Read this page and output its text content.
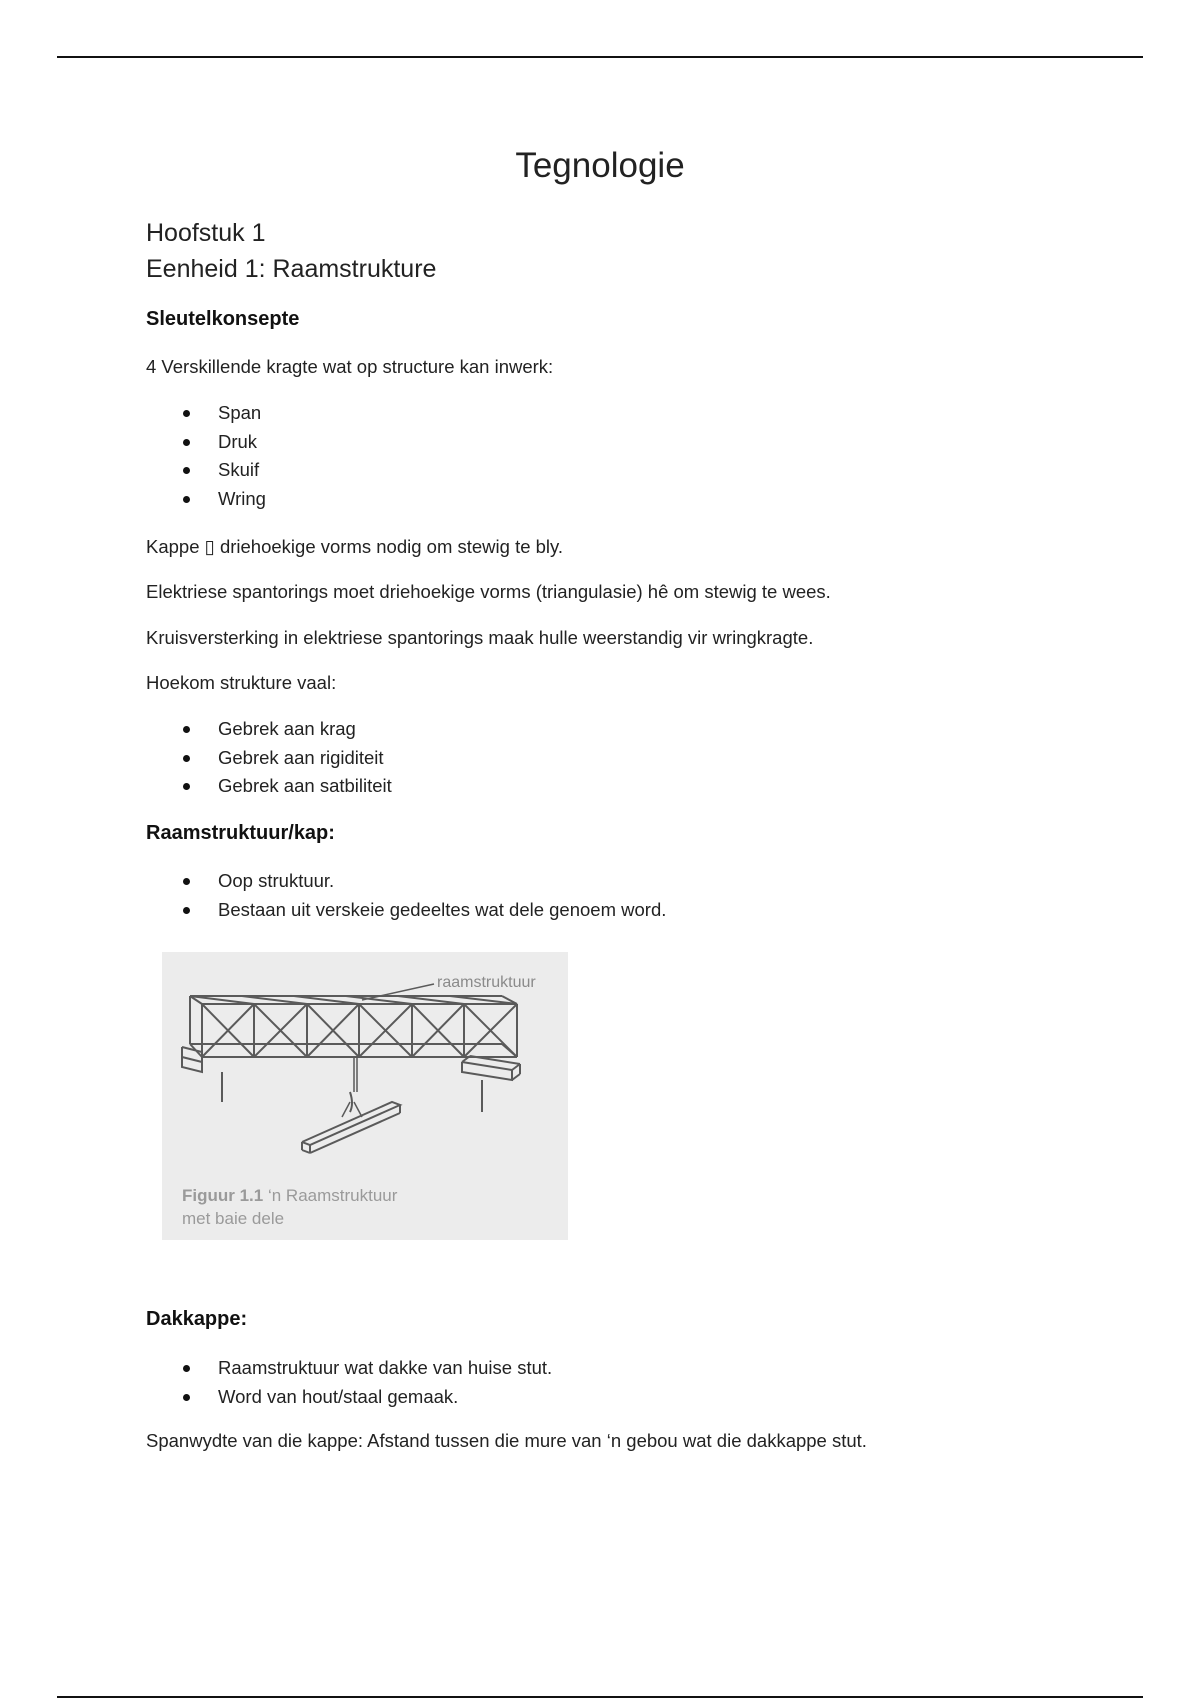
Tegnologie
Hoofstuk 1
Eenheid 1: Raamstrukture
Sleutelkonsepte
4 Verskillende kragte wat op structure kan inwerk:
Span
Druk
Skuif
Wring
Kappe ▯ driehoekige vorms nodig om stewig te bly.
Elektriese spantorings moet driehoekige vorms (triangulasie) hê om stewig te wees.
Kruisversterking in elektriese spantorings maak hulle weerstandig vir wringkragte.
Hoekom strukture vaal:
Gebrek aan krag
Gebrek aan rigiditeit
Gebrek aan satbiliteit
Raamstruktuur/kap:
Oop struktuur.
Bestaan uit verskeie gedeeltes wat dele genoem word.
raamstruktuur
Figuur 1.1 ‘n Raamstruktuur
met baie dele
Dakkappe:
Raamstruktuur wat dakke van huise stut.
Word van hout/staal gemaak.
Spanwydte van die kappe: Afstand tussen die mure van ‘n gebou wat die dakkappe stut.
